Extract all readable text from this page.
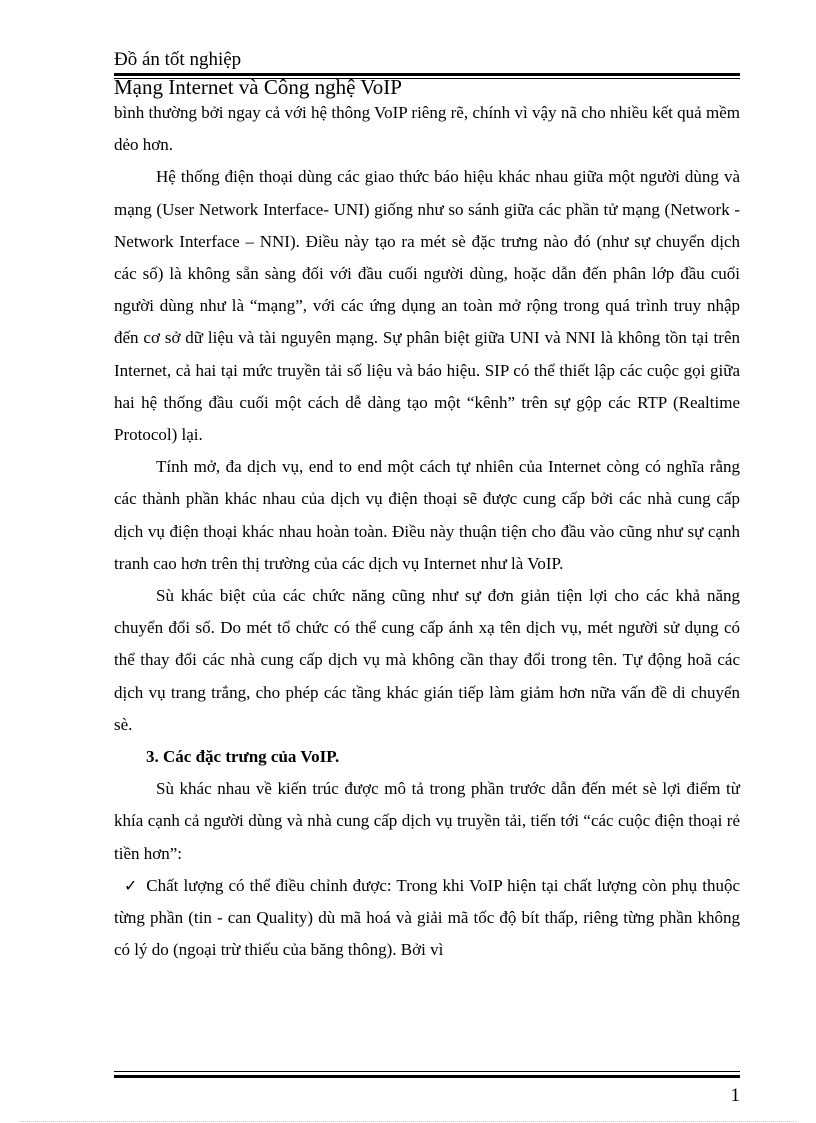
Đồ án tốt nghiệp
Mạng Internet và Công nghệ VoIP

bình thường bởi ngay cả với hệ thông VoIP riêng rẽ, chính vì vậy nã cho nhiều kết quả mềm dẻo hơn.

Hệ thống điện thoại dùng các giao thức báo hiệu khác nhau giữa một người dùng và mạng (User Network Interface- UNI) giống như so sánh giữa các phần tử mạng (Network - Network Interface – NNI). Điều này tạo ra mét sè đặc trưng nào đó (như sự chuyển dịch các số) là không sẵn sàng đối với đầu cuối người dùng, hoặc dẫn đến phân lớp đầu cuối người dùng như là “mạng”, với các ứng dụng an toàn mở rộng trong quá trình truy nhập đến cơ sở dữ liệu và tài nguyên mạng. Sự phân biệt giữa UNI và NNI là không tồn tại trên Internet, cả hai tại mức truyền tải số liệu và báo hiệu. SIP có thể thiết lập các cuộc gọi giữa hai hệ thống đầu cuối một cách dễ dàng tạo một “kênh” trên sự gộp các RTP (Realtime Protocol) lại.

Tính mở, đa dịch vụ, end to end một cách tự nhiên của Internet còng có nghĩa rằng các thành phần khác nhau của dịch vụ điện thoại sẽ được cung cấp bởi các nhà cung cấp dịch vụ điện thoại khác nhau hoàn toàn. Điều này thuận tiện cho đầu vào cũng như sự cạnh tranh cao hơn trên thị trường của các dịch vụ Internet như là VoIP.

Sù khác biệt của các chức năng cũng như sự đơn giản tiện lợi cho các khả năng chuyển đổi số. Do mét tổ chức có thể cung cấp ánh xạ tên dịch vụ, mét người sử dụng có thể thay đổi các nhà cung cấp dịch vụ mà không cần thay đổi trong tên. Tự động hoã các dịch vụ trang trắng, cho phép các tầng khác gián tiếp làm giảm hơn nữa vấn đề di chuyển sè.

3. Các đặc trưng của VoIP.

Sù khác nhau về kiến trúc được mô tả trong phần trước dẫn đến mét sè lợi điểm từ khía cạnh cả người dùng và nhà cung cấp dịch vụ truyền tải, tiến tới “các cuộc điện thoại rẻ tiền hơn”:

✓ Chất lượng có thể điều chỉnh được: Trong khi VoIP hiện tại chất lượng còn phụ thuộc từng phần (tin - can Quality) dù mã hoá và giải mã tốc độ bít thấp, riêng từng phần không có lý do (ngoại trừ thiếu của băng thông). Bởi vì

1
